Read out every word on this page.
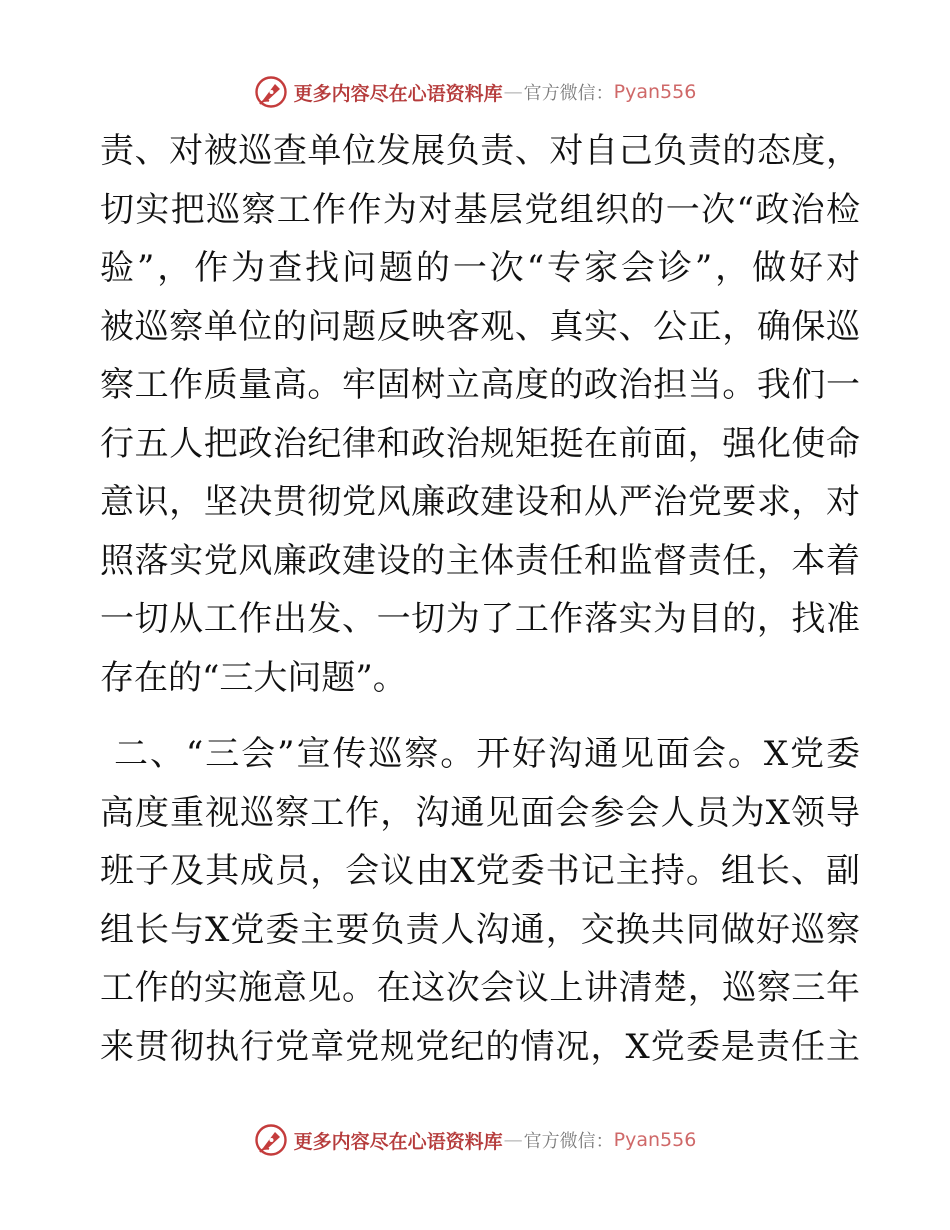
更多内容尽在心语资料库 — 官方微信： Pyan556
责、对被巡查单位发展负责、对自己负责的态度，
切实把巡察工作作为对基层党组织的一次“政治检
验”，作为查找问题的一次“专家会诊”，做好对
被巡察单位的问题反映客观、真实、公正，确保巡
察工作质量高。牢固树立高度的政治担当。我们一
行五人把政治纪律和政治规矩挺在前面，强化使命
意识，坚决贯彻党风廉政建设和从严治党要求，对
照落实党风廉政建设的主体责任和监督责任，本着
一切从工作出发、一切为了工作落实为目的，找准
存在的“三大问题”。
二、“三会”宣传巡察。开好沟通见面会。X党委
高度重视巡察工作，沟通见面会参会人员为X领导
班子及其成员，会议由X党委书记主持。组长、副
组长与X党委主要负责人沟通，交换共同做好巡察
工作的实施意见。在这次会议上讲清楚，巡察三年
来贯彻执行党章党规党纪的情况，X党委是责任主
更多内容尽在心语资料库 — 官方微信： Pyan556
